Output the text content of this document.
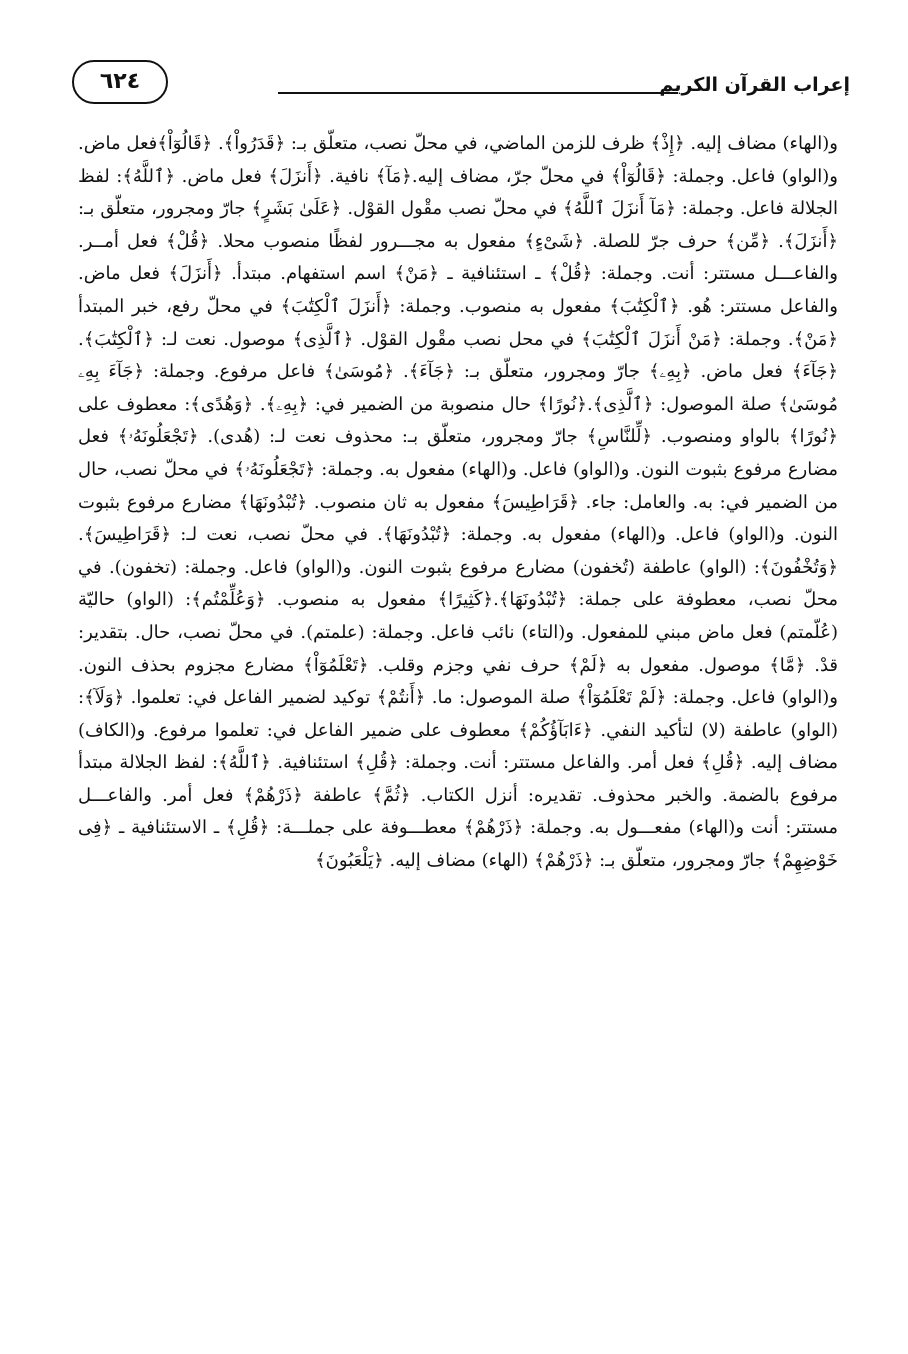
٦٢٤	إعراب القرآن الكريم

و(الهاء) مضاف إليه. ﴿إِذْ﴾ ظرف للزمن الماضي، في محلّ نصب، متعلّق بـ: ﴿قَدَرُواْ﴾. ﴿قَالُوٓاْ﴾فعل ماض. و(الواو) فاعل. وجملة: ﴿قَالُوٓاْ﴾ في محلّ جرّ، مضاف إليه.﴿مَآ﴾ نافية. ﴿أَنزَلَ﴾ فعل ماض. ﴿ٱللَّهُ﴾: لفظ الجلالة فاعل. وجملة: ﴿مَآ أَنزَلَ ٱللَّهُ﴾ في محلّ نصب مقْول القوْل. ﴿عَلَىٰ بَشَرٍ﴾ جارّ ومجرور، متعلّق بـ: ﴿أَنزَلَ﴾. ﴿مِّن﴾ حرف جرّ للصلة. ﴿شَىْءٍ﴾ مفعول به مجـــرور لفظًا منصوب محلا. ﴿قُلْ﴾ فعل أمــر. والفاعـــل مستتر: أنت. وجملة: ﴿قُلْ﴾ ـ استئنافية ـ ﴿مَنْ﴾ اسم استفهام. مبتدأ. ﴿أَنزَلَ﴾ فعل ماض. والفاعل مستتر: هُو. ﴿ٱلْكِتَٰبَ﴾ مفعول به منصوب. وجملة: ﴿أَنزَلَ ٱلْكِتَٰبَ﴾ في محلّ رفع، خبر المبتدأ ﴿مَنْ﴾. وجملة: ﴿مَنْ أَنزَلَ ٱلْكِتَٰبَ﴾ في محل نصب مقْول القوْل. ﴿ٱلَّذِى﴾ موصول. نعت لـ: ﴿ٱلْكِتَٰبَ﴾. ﴿جَآءَ﴾ فعل ماض. ﴿بِهِۦ﴾ جارّ ومجرور، متعلّق بـ: ﴿جَآءَ﴾. ﴿مُوسَىٰ﴾ فاعل مرفوع. وجملة: ﴿جَآءَ بِهِۦ مُوسَىٰ﴾ صلة الموصول: ﴿ٱلَّذِى﴾.﴿نُورًا﴾ حال منصوبة من الضمير في: ﴿بِهِۦ﴾. ﴿وَهُدًى﴾: معطوف على ﴿نُورًا﴾ بالواو ومنصوب. ﴿لِّلنَّاسِ﴾ جارّ ومجرور، متعلّق بـ: محذوف نعت لـ: (هُدى). ﴿تَجْعَلُونَهُۥ﴾ فعل مضارع مرفوع بثبوت النون. و(الواو) فاعل. و(الهاء) مفعول به. وجملة: ﴿تَجْعَلُونَهُۥ﴾ في محلّ نصب، حال من الضمير في: به. والعامل: جاء. ﴿قَرَاطِيسَ﴾ مفعول به ثان منصوب. ﴿تُبْدُونَهَا﴾ مضارع مرفوع بثبوت النون. و(الواو) فاعل. و(الهاء) مفعول به. وجملة: ﴿تُبْدُونَهَا﴾. في محلّ نصب، نعت لـ: ﴿قَرَاطِيسَ﴾. ﴿وَتُخْفُونَ﴾: (الواو) عاطفة (تُخفون) مضارع مرفوع بثبوت النون. و(الواو) فاعل. وجملة: (تخفون). في محلّ نصب، معطوفة على جملة: ﴿تُبْدُونَهَا﴾.﴿كَثِيرًا﴾ مفعول به منصوب. ﴿وَعُلِّمْتُم﴾: (الواو) حاليّة (عُلّمتم) فعل ماض مبني للمفعول. و(التاء) نائب فاعل. وجملة: (علمتم). في محلّ نصب، حال. بتقدير: قدْ. ﴿مَّا﴾ موصول. مفعول به ﴿لَمْ﴾ حرف نفي وجزم وقلب. ﴿تَعْلَمُوٓاْ﴾ مضارع مجزوم بحذف النون. و(الواو) فاعل. وجملة: ﴿لَمْ تَعْلَمُوٓاْ﴾ صلة الموصول: ما. ﴿أَنتُمْ﴾ توكيد لضمير الفاعل في: تعلموا. ﴿وَلَآ﴾: (الواو) عاطفة (لا) لتأكيد النفي. ﴿ءَابَآؤُكُمْ﴾ معطوف على ضمير الفاعل في: تعلموا مرفوع. و(الكاف) مضاف إليه. ﴿قُلِ﴾ فعل أمر. والفاعل مستتر: أنت. وجملة: ﴿قُلِ﴾ استئنافية. ﴿ٱللَّهُ﴾: لفظ الجلالة مبتدأ مرفوع بالضمة. والخبر محذوف. تقديره: أنزل الكتاب. ﴿ثُمَّ﴾ عاطفة ﴿ذَرْهُمْ﴾ فعل أمر. والفاعـــل مستتر: أنت و(الهاء) مفعـــول به. وجملة: ﴿ذَرْهُمْ﴾ معطـــوفة على جملـــة: ﴿قُلِ﴾ ـ الاستئنافية ـ ﴿فِى خَوْضِهِمْ﴾ جارّ ومجرور، متعلّق بـ: ﴿ذَرْهُمْ﴾ (الهاء) مضاف إليه. ﴿يَلْعَبُونَ﴾
